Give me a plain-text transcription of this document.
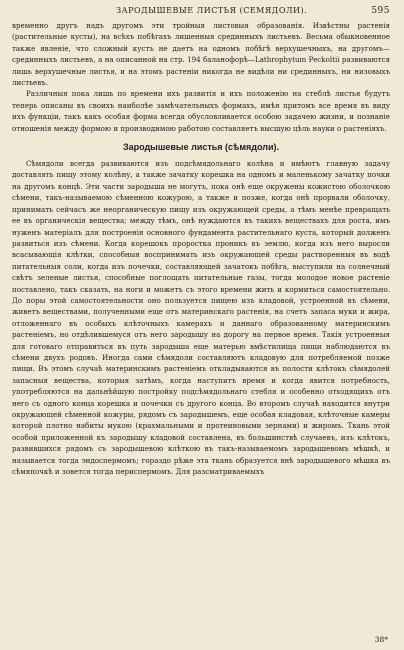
ЗАРОДЫШЕВЫЕ ЛИСТЬЯ (СЕМЯДОЛИ).	595

временно другъ надъ другомъ эти тройныя листовыя образованія. Извѣстны растенія (растительные кусты), на всѣхъ побѣгахъ лишенныя срединныхъ листьевъ. Весьма обыкновенное также явленіе, что сложный кустъ не даетъ на одномъ побѣгѣ верхушечныхъ, на другомъ—срединныхъ листьевъ, а на описанной на стр. 194 баланофорѣ—Lathrophytum Peckoltii развиваются лишь верхушечные листья, и на этомъ растеніи никогда не видѣли ни срединныхъ, ни низовыхъ листьевъ.

Различныя пока лишь по времени ихъ развитія и ихъ положенію на стеблѣ листья будутъ теперь описаны въ своихъ наиболѣе замѣчательныхъ формахъ, имѣя притомъ все время въ виду ихъ функціи, такъ какъ особая форма всегда обусловливается особою задачею жизни, и познаніе отношенія между формою и производимою работою составляетъ высшую цѣль науки о растеніяхъ.

Зародышевые листья (сѣмядоли).

Сѣмядоли всегда развиваются изъ подсѣмядольнаго колѣна и имѣютъ главную задачу доставлять пищу этому колѣну, а также зачатку корешка на одномъ и маленькому зачатку почки на другомъ концѣ. Эти части зародыша не могутъ, пока онѣ еще окружены кожистою оболочкою сѣмени, такъ-называемою сѣменною кожурою, а также и позже, когда онѣ прорвали оболочку, принимать сейчасъ же неорганическую пищу изъ окружающей среды, а тѣмъ менѣе превращать ее въ органическія вещества; между тѣмъ, онѣ нуждаются въ такихъ веществахъ для роста, имъ нуженъ матеріалъ для построенія основного фундамента растительнаго куста, который долженъ развиться изъ сѣмени. Когда корешокъ проростка проникъ въ землю, когда изъ него выросли всасывающія клѣтки, способныя воспринимать изъ окружающей среды растворенныя въ водѣ питательныя соли, когда изъ почечки, составляющей зачатокъ побѣга, выступили на солнечный свѣтъ зеленые листья, способные поглощать питательные газы, тогда молодое новое растеніе поставлено, такъ сказать, на ноги и можетъ съ этого времени жить и кормиться самостоятельно. До поры этой самостоятельности оно пользуется пищею изъ кладовой, устроенной въ сѣмени, живетъ веществами, полученными еще отъ материнскаго растенія, на счетъ запаса муки и жира, отложеннаго въ особыхъ клѣточныхъ камерахъ и даннаго образованному материнскимъ растеніемъ, но отдѣлившемуся отъ него зародышу на дорогу на первое время. Такія устроенныя для готоваго отправиться въ путь зародыша еще матерью вмѣстилища пищи наблюдаются въ сѣмени двухъ родовъ. Иногда сами сѣмядоли составляютъ кладовую для потребляемой позже пищи. Въ этомъ случаѣ материнскимъ растеніемъ откладываются въ полости клѣтокъ сѣмядолей запасныя вещества, которыя затѣмъ, когда наступитъ время и когда явится потребность, употребляются на дальнѣйшую постройку подсѣмядольнаго стебля и особенно отходящихъ отъ него съ одного конца корешка и почечки съ другого конца. Во второмъ случаѣ находится внутри окружающей сѣменной кожуры, рядомъ съ зародышемъ, еще особая кладовая, клѣточные камеры которой плотно набиты мукою (крахмальными и протеиновыми зернами) и жиромъ. Ткань этой особой приложенной къ зародышу кладовой составлена, въ большинствѣ случаевъ, изъ клѣтокъ, развившихся рядомъ съ зародышевою клѣткою въ такъ-называемомъ зародышевомъ мѣшкѣ, и называется тогда эндоспермомъ; гораздо рѣже эта ткань образуется внѣ зародышевого мѣшка въ сѣмяпочкѣ и зовется тогда периспермомъ. Для разсматриваемыхъ

38*
